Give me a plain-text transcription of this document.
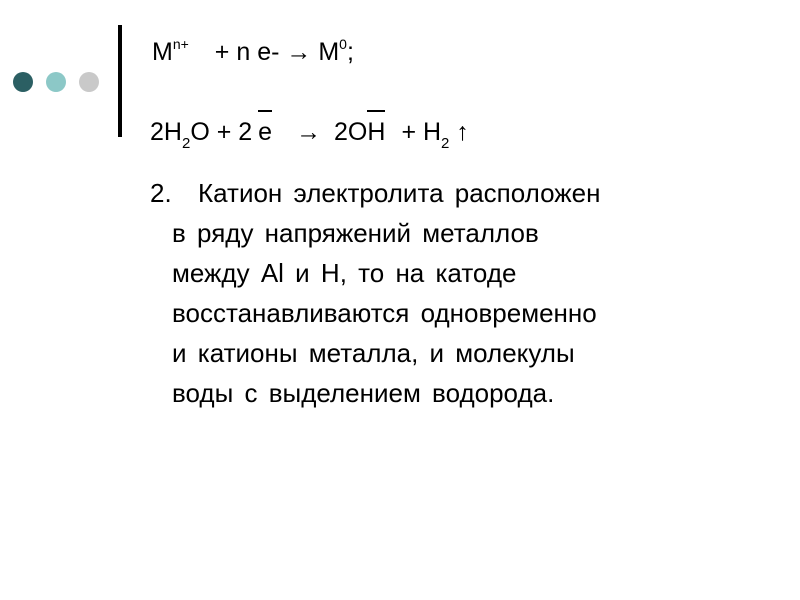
$M^{n+} + n$ $e- \to M^0$;
$2H_2O + 2$ $e \to 2OH + H_2$ ↑
2. Катион электролита расположен
в ряду напряжений металлов
между Al и H, то на катоде
восстанавливаются одновременно
и катионы металла, и молекулы
воды с выделением водорода.
